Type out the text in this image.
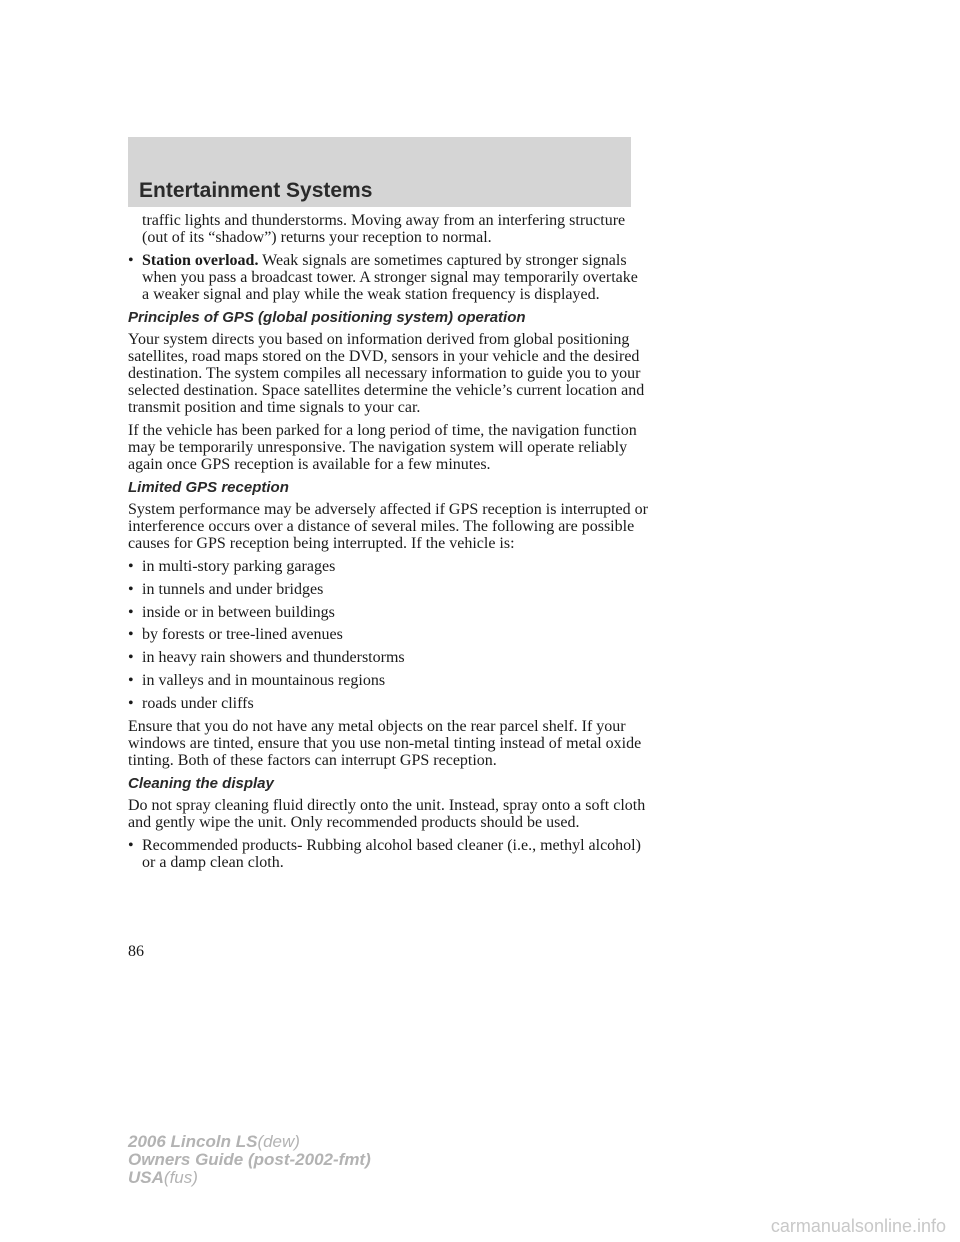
Entertainment Systems

traffic lights and thunderstorms. Moving away from an interfering structure (out of its “shadow”) returns your reception to normal.

• Station overload. Weak signals are sometimes captured by stronger signals when you pass a broadcast tower. A stronger signal may temporarily overtake a weaker signal and play while the weak station frequency is displayed.
Principles of GPS (global positioning system) operation

Your system directs you based on information derived from global positioning satellites, road maps stored on the DVD, sensors in your vehicle and the desired destination. The system compiles all necessary information to guide you to your selected destination. Space satellites determine the vehicle’s current location and transmit position and time signals to your car.

If the vehicle has been parked for a long period of time, the navigation function may be temporarily unresponsive. The navigation system will operate reliably again once GPS reception is available for a few minutes.

Limited GPS reception

System performance may be adversely affected if GPS reception is interrupted or interference occurs over a distance of several miles. The following are possible causes for GPS reception being interrupted. If the vehicle is:

• in multi-story parking garages
• in tunnels and under bridges
• inside or in between buildings
• by forests or tree-lined avenues
• in heavy rain showers and thunderstorms
• in valleys and in mountainous regions
• roads under cliffs

Ensure that you do not have any metal objects on the rear parcel shelf. If your windows are tinted, ensure that you use non-metal tinting instead of metal oxide tinting. Both of these factors can interrupt GPS reception.

Cleaning the display

Do not spray cleaning fluid directly onto the unit. Instead, spray onto a soft cloth and gently wipe the unit. Only recommended products should be used.

• Recommended products- Rubbing alcohol based cleaner (i.e., methyl alcohol) or a damp clean cloth.
86
2006 Lincoln LS(dew)
Owners Guide (post-2002-fmt)
USA(fus)
carmanualsonline.info
